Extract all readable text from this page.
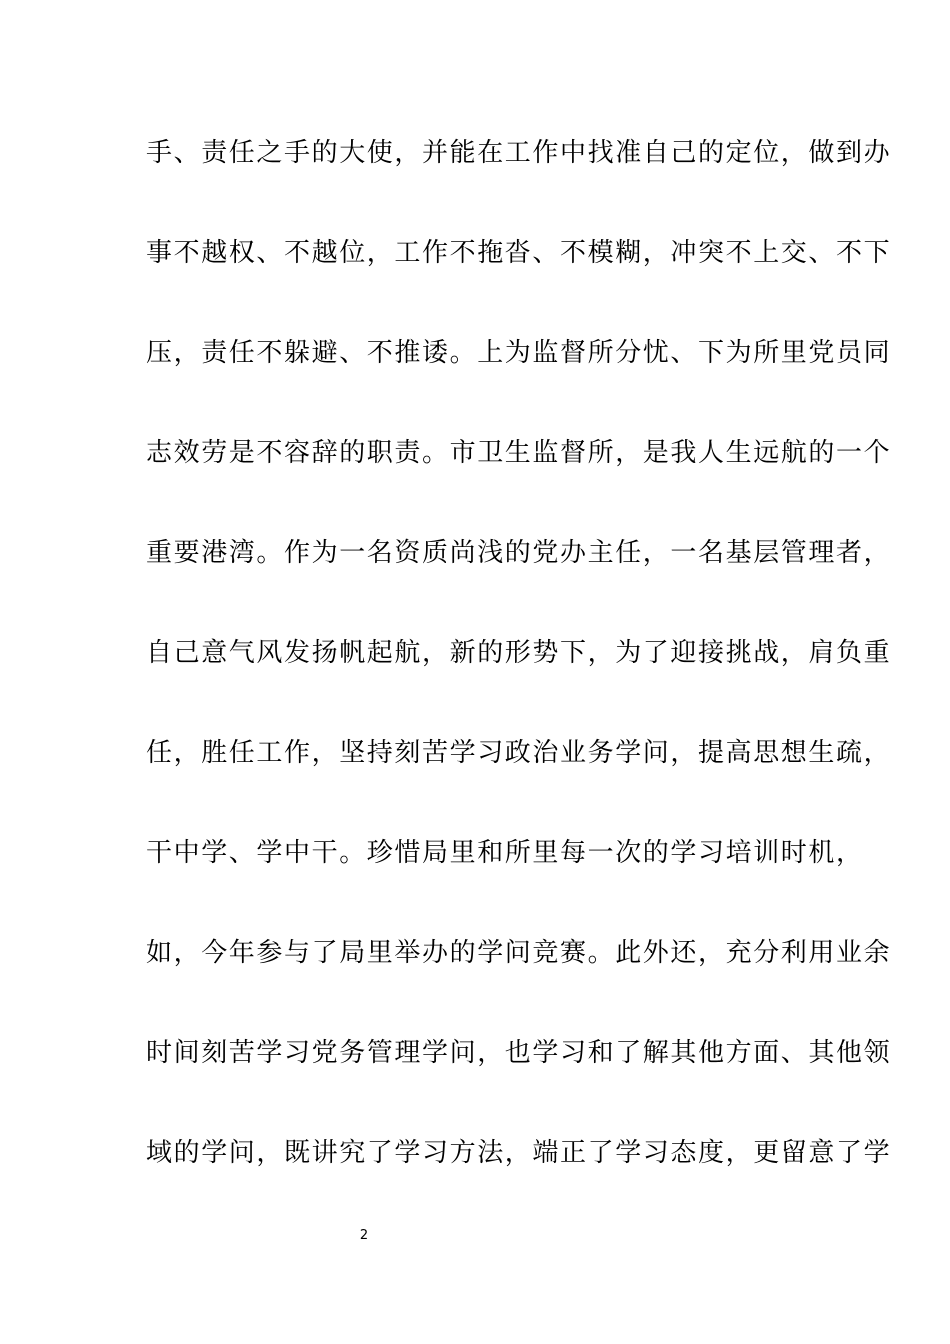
手、责任之手的大使，并能在工作中找准自己的定位，做到办
事不越权、不越位，工作不拖沓、不模糊，冲突不上交、不下
压，责任不躲避、不推诿。上为监督所分忧、下为所里党员同
志效劳是不容辞的职责。市卫生监督所，是我人生远航的一个
重要港湾。作为一名资质尚浅的党办主任，一名基层管理者，
自己意气风发扬帆起航，新的形势下，为了迎接挑战，肩负重
任，胜任工作，坚持刻苦学习政治业务学问，提高思想生疏，
干中学、学中干。珍惜局里和所里每一次的学习培训时机，
如，今年参与了局里举办的学问竞赛。此外还，充分利用业余
时间刻苦学习党务管理学问，也学习和了解其他方面、其他领
域的学问，既讲究了学习方法，端正了学习态度，更留意了学
2
